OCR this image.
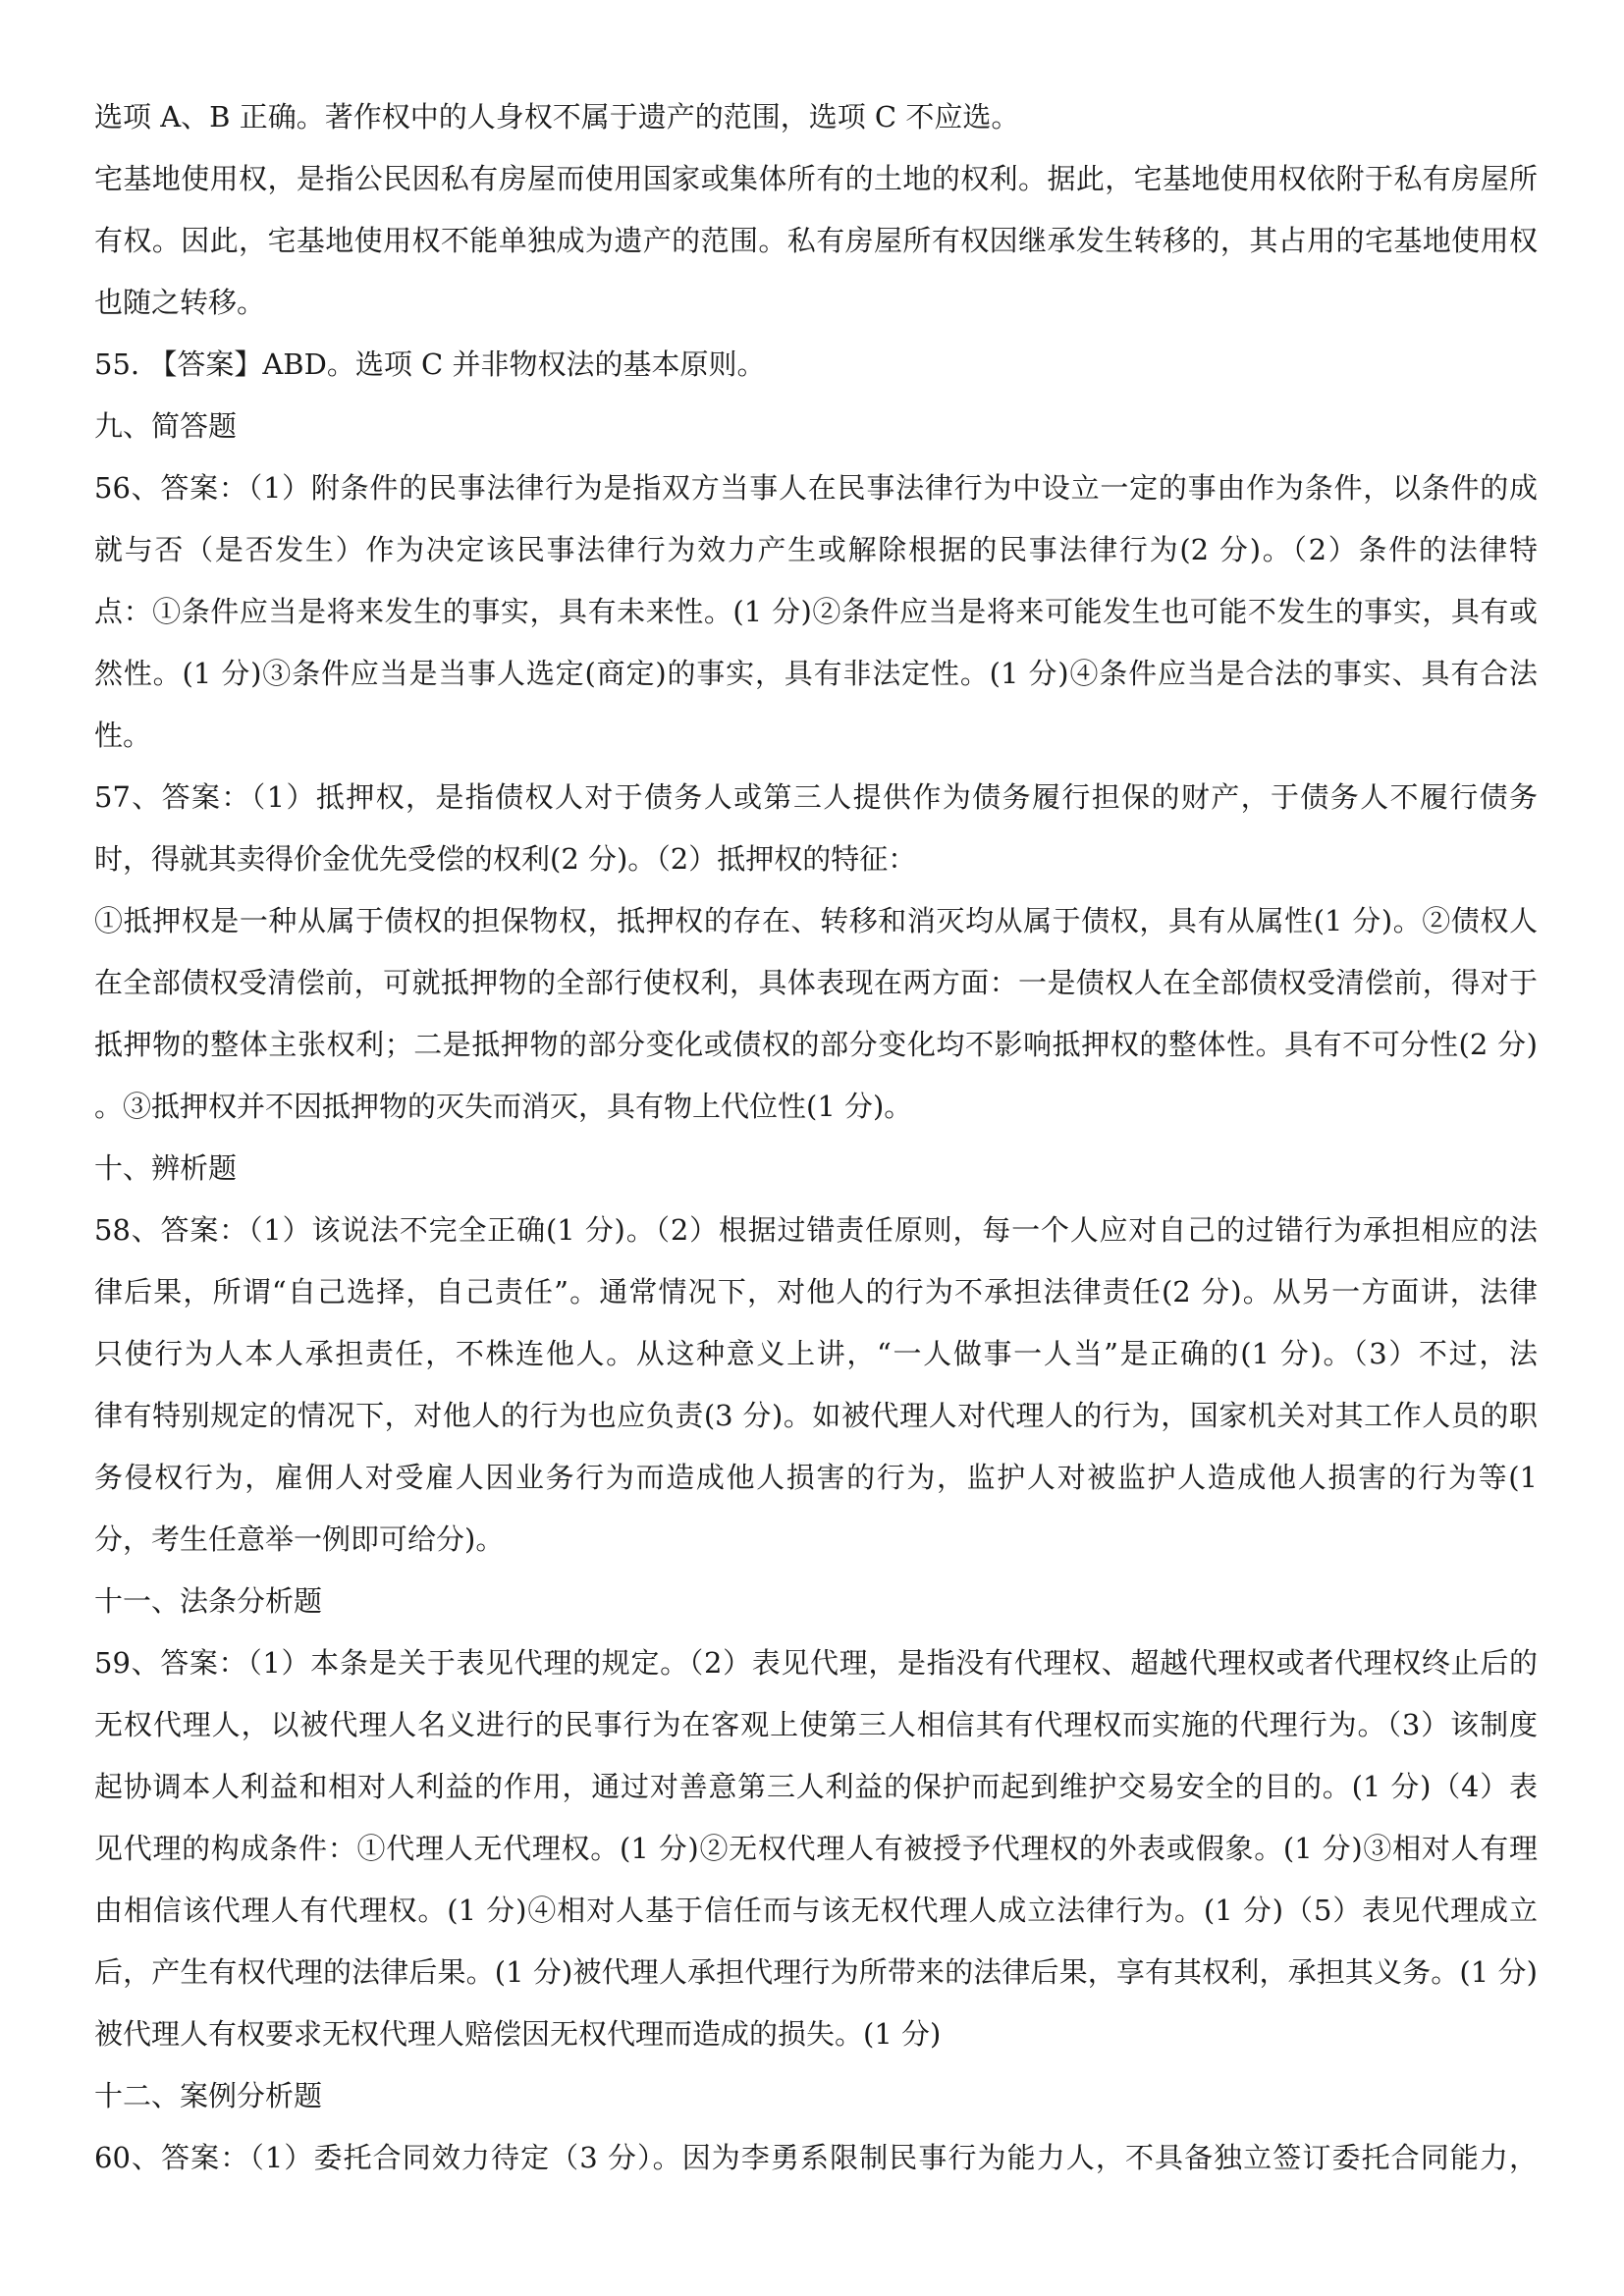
选项 A、B 正确。著作权中的人身权不属于遗产的范围，选项 C 不应选。
宅基地使用权，是指公民因私有房屋而使用国家或集体所有的土地的权利。据此，宅基地使用权依附于私有房屋所
有权。因此，宅基地使用权不能单独成为遗产的范围。私有房屋所有权因继承发生转移的，其占用的宅基地使用权
也随之转移。
55. 【答案】ABD。选项 C 并非物权法的基本原则。
九、简答题
56、答案：（1）附条件的民事法律行为是指双方当事人在民事法律行为中设立一定的事由作为条件，以条件的成
就与否（是否发生）作为决定该民事法律行为效力产生或解除根据的民事法律行为(2 分)。（2）条件的法律特
点：①条件应当是将来发生的事实，具有未来性。(1 分)②条件应当是将来可能发生也可能不发生的事实，具有或
然性。(1 分)③条件应当是当事人选定(商定)的事实，具有非法定性。(1 分)④条件应当是合法的事实、具有合法
性。
57、答案：（1）抵押权，是指债权人对于债务人或第三人提供作为债务履行担保的财产，于债务人不履行债务
时，得就其卖得价金优先受偿的权利(2 分)。（2）抵押权的特征：
①抵押权是一种从属于债权的担保物权，抵押权的存在、转移和消灭均从属于债权，具有从属性(1 分)。②债权人
在全部债权受清偿前，可就抵押物的全部行使权利，具体表现在两方面：一是债权人在全部债权受清偿前，得对于
抵押物的整体主张权利；二是抵押物的部分变化或债权的部分变化均不影响抵押权的整体性。具有不可分性(2 分)
。③抵押权并不因抵押物的灭失而消灭，具有物上代位性(1 分)。
十、辨析题
58、答案：（1）该说法不完全正确(1 分)。（2）根据过错责任原则，每一个人应对自己的过错行为承担相应的法
律后果，所谓“自己选择，自己责任”。通常情况下，对他人的行为不承担法律责任(2 分)。从另一方面讲，法律
只使行为人本人承担责任，不株连他人。从这种意义上讲，“一人做事一人当”是正确的(1 分)。（3）不过，法
律有特别规定的情况下，对他人的行为也应负责(3 分)。如被代理人对代理人的行为，国家机关对其工作人员的职
务侵权行为，雇佣人对受雇人因业务行为而造成他人损害的行为，监护人对被监护人造成他人损害的行为等(1
分，考生任意举一例即可给分)。
十一、法条分析题
59、答案：（1）本条是关于表见代理的规定。（2）表见代理，是指没有代理权、超越代理权或者代理权终止后的
无权代理人，以被代理人名义进行的民事行为在客观上使第三人相信其有代理权而实施的代理行为。（3）该制度
起协调本人利益和相对人利益的作用，通过对善意第三人利益的保护而起到维护交易安全的目的。(1 分)（4）表
见代理的构成条件：①代理人无代理权。(1 分)②无权代理人有被授予代理权的外表或假象。(1 分)③相对人有理
由相信该代理人有代理权。(1 分)④相对人基于信任而与该无权代理人成立法律行为。(1 分)（5）表见代理成立
后，产生有权代理的法律后果。(1 分)被代理人承担代理行为所带来的法律后果，享有其权利，承担其义务。(1 分)
被代理人有权要求无权代理人赔偿因无权代理而造成的损失。(1 分)
十二、案例分析题
60、答案：（1）委托合同效力待定（3 分）。因为李勇系限制民事行为能力人，不具备独立签订委托合同能力，
